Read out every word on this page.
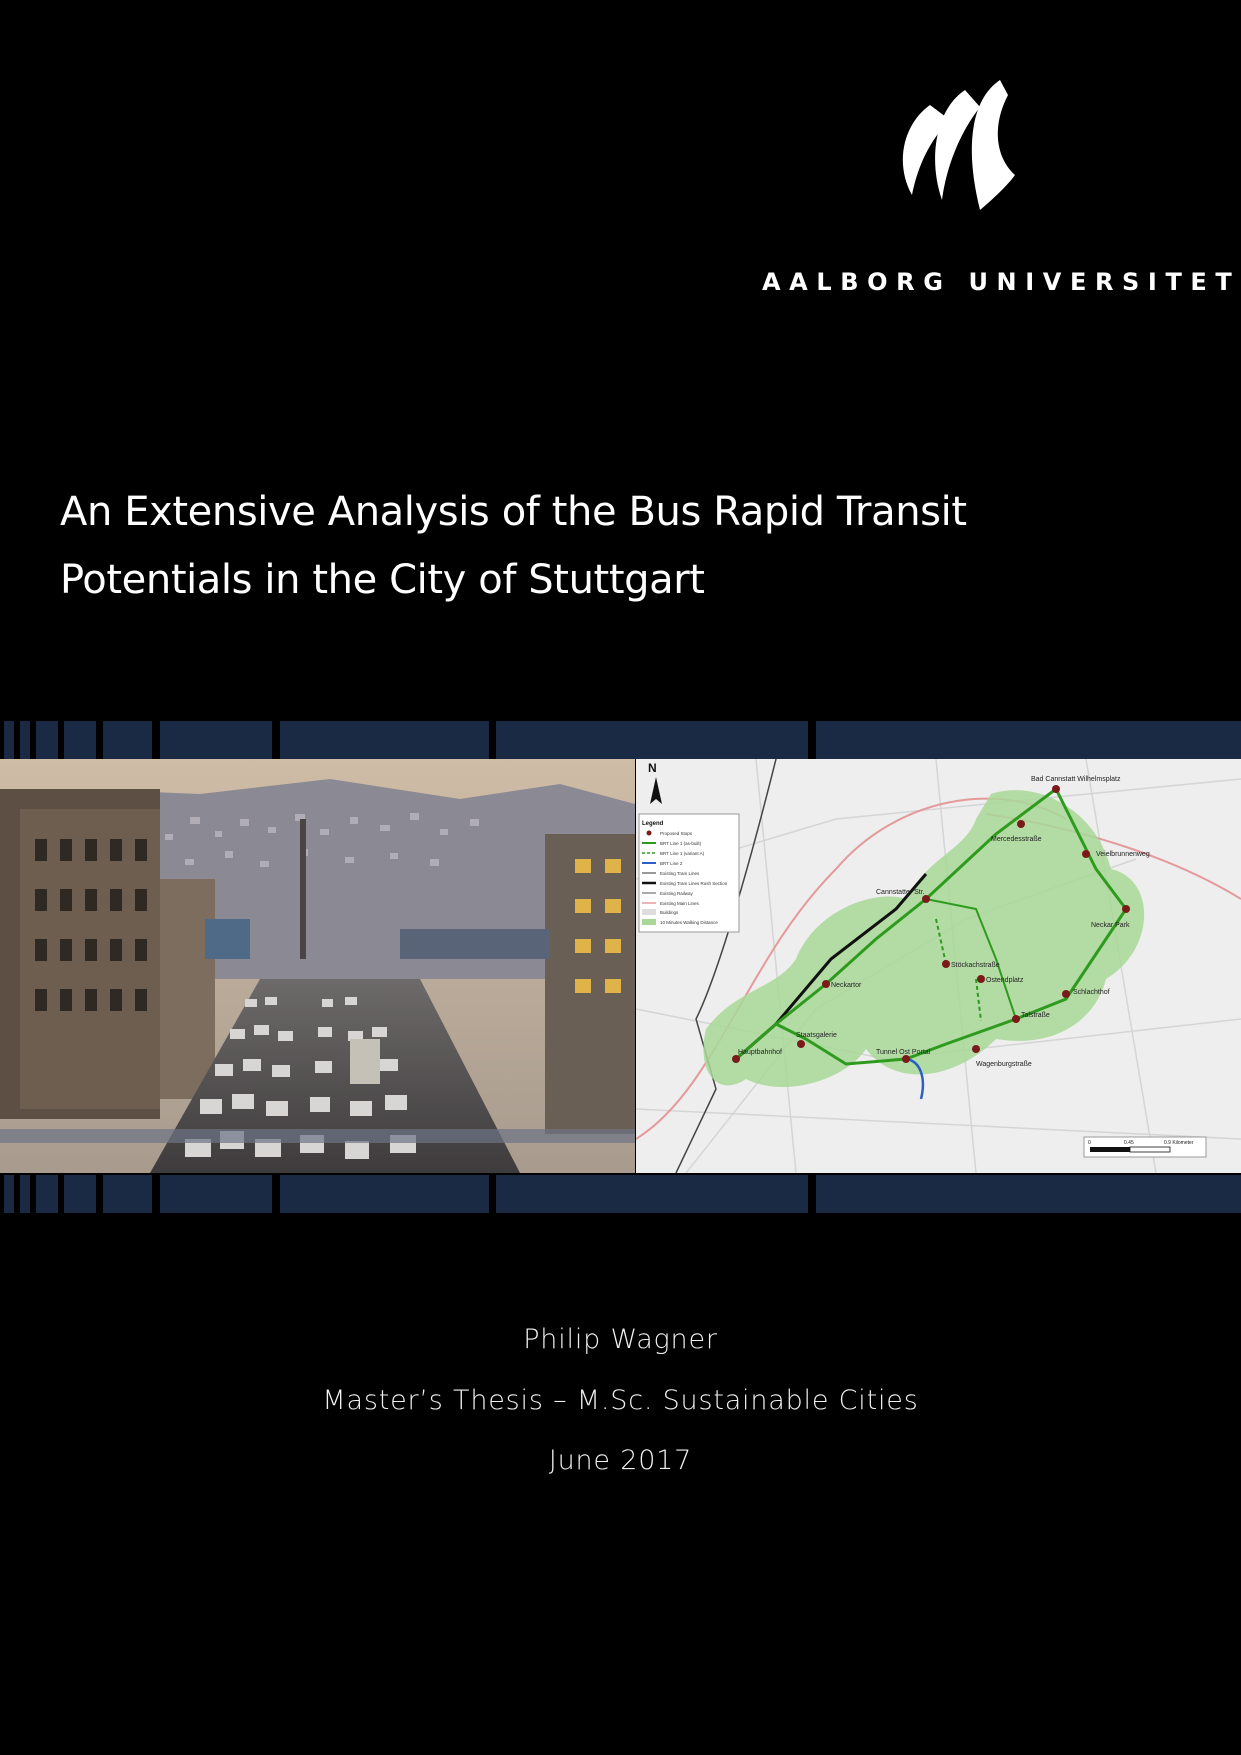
AALBORG UNIVERSITET
An Extensive Analysis of the Bus Rapid Transit
Potentials in the City of Stuttgart
Bad Cannstatt Wilhelmsplatz
Mercedesstraße
Veielbrunnenweg
Cannstatter Str.
Neckar Park
Stöckachstraße
Schlachthof
Neckartor
Ostendplatz
Talstraße
Hauptbahnhof
Staatsgalerie
Tunnel Ost Portal
Wagenburgstraße
N
Legend
Proposed Stops
BRT Line 1 (as-built)
BRT Line 1 (variant A)
BRT Line 2
Existing Tram Lines
Existing Tram Lines Rush Section
Existing Railway
Existing Main Lines
Buildings
10 Minutes Walking Distance
0	0.45	0.9 Kilometer
Philip Wagner
Master’s Thesis – M.Sc. Sustainable Cities
June 2017
